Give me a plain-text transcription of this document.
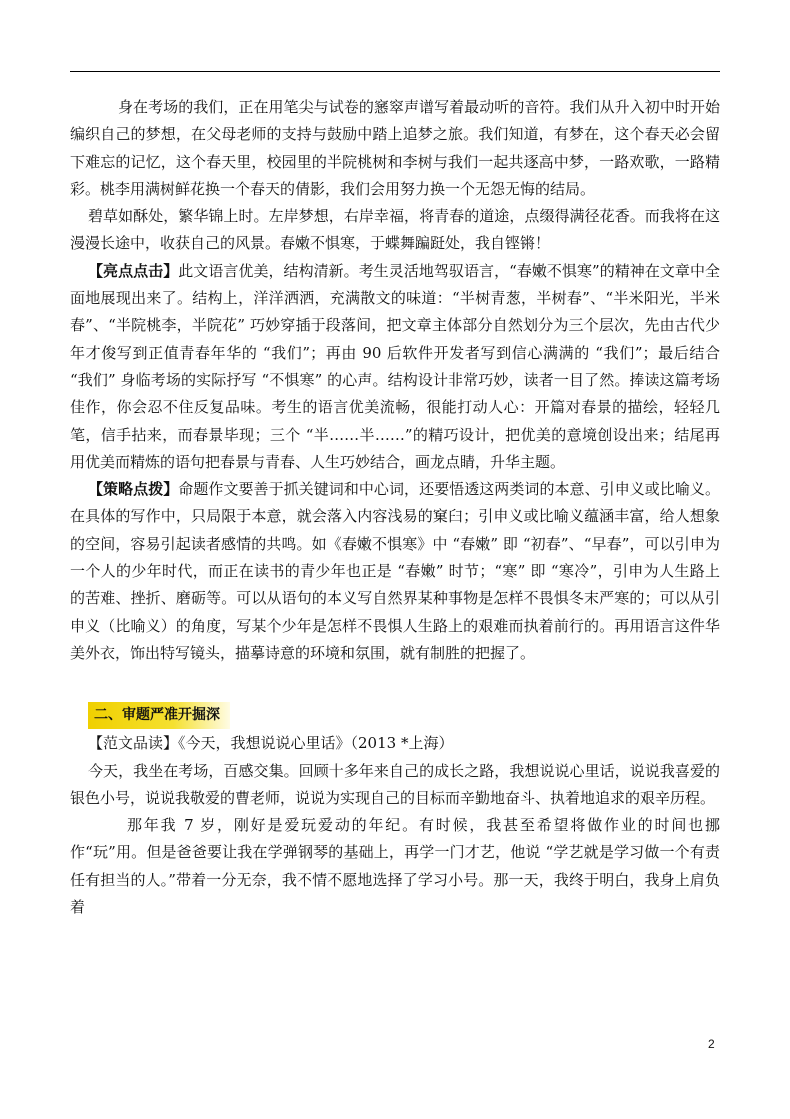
身在考场的我们，正在用笔尖与试卷的窸窣声谱写着最动听的音符。我们从升入初中时开始编织自己的梦想，在父母老师的支持与鼓励中踏上追梦之旅。我们知道，有梦在，这个春天必会留下难忘的记忆，这个春天里，校园里的半院桃树和李树与我们一起共逐高中梦，一路欢歌，一路精彩。桃李用满树鲜花换一个春天的倩影，我们会用努力换一个无怨无悔的结局。

碧草如酥处，繁华锦上时。左岸梦想，右岸幸福，将青春的道途，点缀得满径花香。而我将在这漫漫长途中，收获自己的风景。春嫩不惧寒，于蝶舞蹁跹处，我自铿锵！

【亮点点击】此文语言优美，结构清新。考生灵活地驾驭语言，“春嫩不惧寒”的精神在文章中全面地展现出来了。结构上，洋洋洒洒，充满散文的味道：“半树青葱，半树春”、“半米阳光，半米春”、“半院桃李，半院花” 巧妙穿插于段落间，把文章主体部分自然划分为三个层次，先由古代少年才俊写到正值青春年华的 “我们”；再由 90 后软件开发者写到信心满满的 “我们”；最后结合 “我们” 身临考场的实际抒写 “不惧寒” 的心声。结构设计非常巧妙，读者一目了然。捧读这篇考场佳作，你会忍不住反复品味。考生的语言优美流畅，很能打动人心：开篇对春景的描绘，轻轻几笔，信手拈来，而春景毕现；三个 “半……半……”的精巧设计，把优美的意境创设出来；结尾再用优美而精炼的语句把春景与青春、人生巧妙结合，画龙点睛，升华主题。

【策略点拨】命题作文要善于抓关键词和中心词，还要悟透这两类词的本意、引申义或比喻义。在具体的写作中，只局限于本意，就会落入内容浅易的窠臼；引申义或比喻义蕴涵丰富，给人想象的空间，容易引起读者感情的共鸣。如《春嫩不惧寒》中 “春嫩” 即 “初春”、“早春”，可以引申为一个人的少年时代，而正在读书的青少年也正是 “春嫩” 时节；“寒” 即 “寒冷”，引申为人生路上的苦难、挫折、磨砺等。可以从语句的本义写自然界某种事物是怎样不畏惧冬末严寒的；可以从引申义（比喻义）的角度，写某个少年是怎样不畏惧人生路上的艰难而执着前行的。再用语言这件华美外衣，饰出特写镜头，描摹诗意的环境和氛围，就有制胜的把握了。

二、审题严准开掘深

【范文品读】《今天，我想说说心里话》（2013 *上海）

今天，我坐在考场，百感交集。回顾十多年来自己的成长之路，我想说说心里话，说说我喜爱的银色小号，说说我敬爱的曹老师，说说为实现自己的目标而辛勤地奋斗、执着地追求的艰辛历程。

那年我 7 岁，刚好是爱玩爱动的年纪。有时候，我甚至希望将做作业的时间也挪作“玩”用。但是爸爸要让我在学弹钢琴的基础上，再学一门才艺，他说 “学艺就是学习做一个有责任有担当的人。”带着一分无奈，我不情不愿地选择了学习小号。那一天，我终于明白，我身上肩负着

2
